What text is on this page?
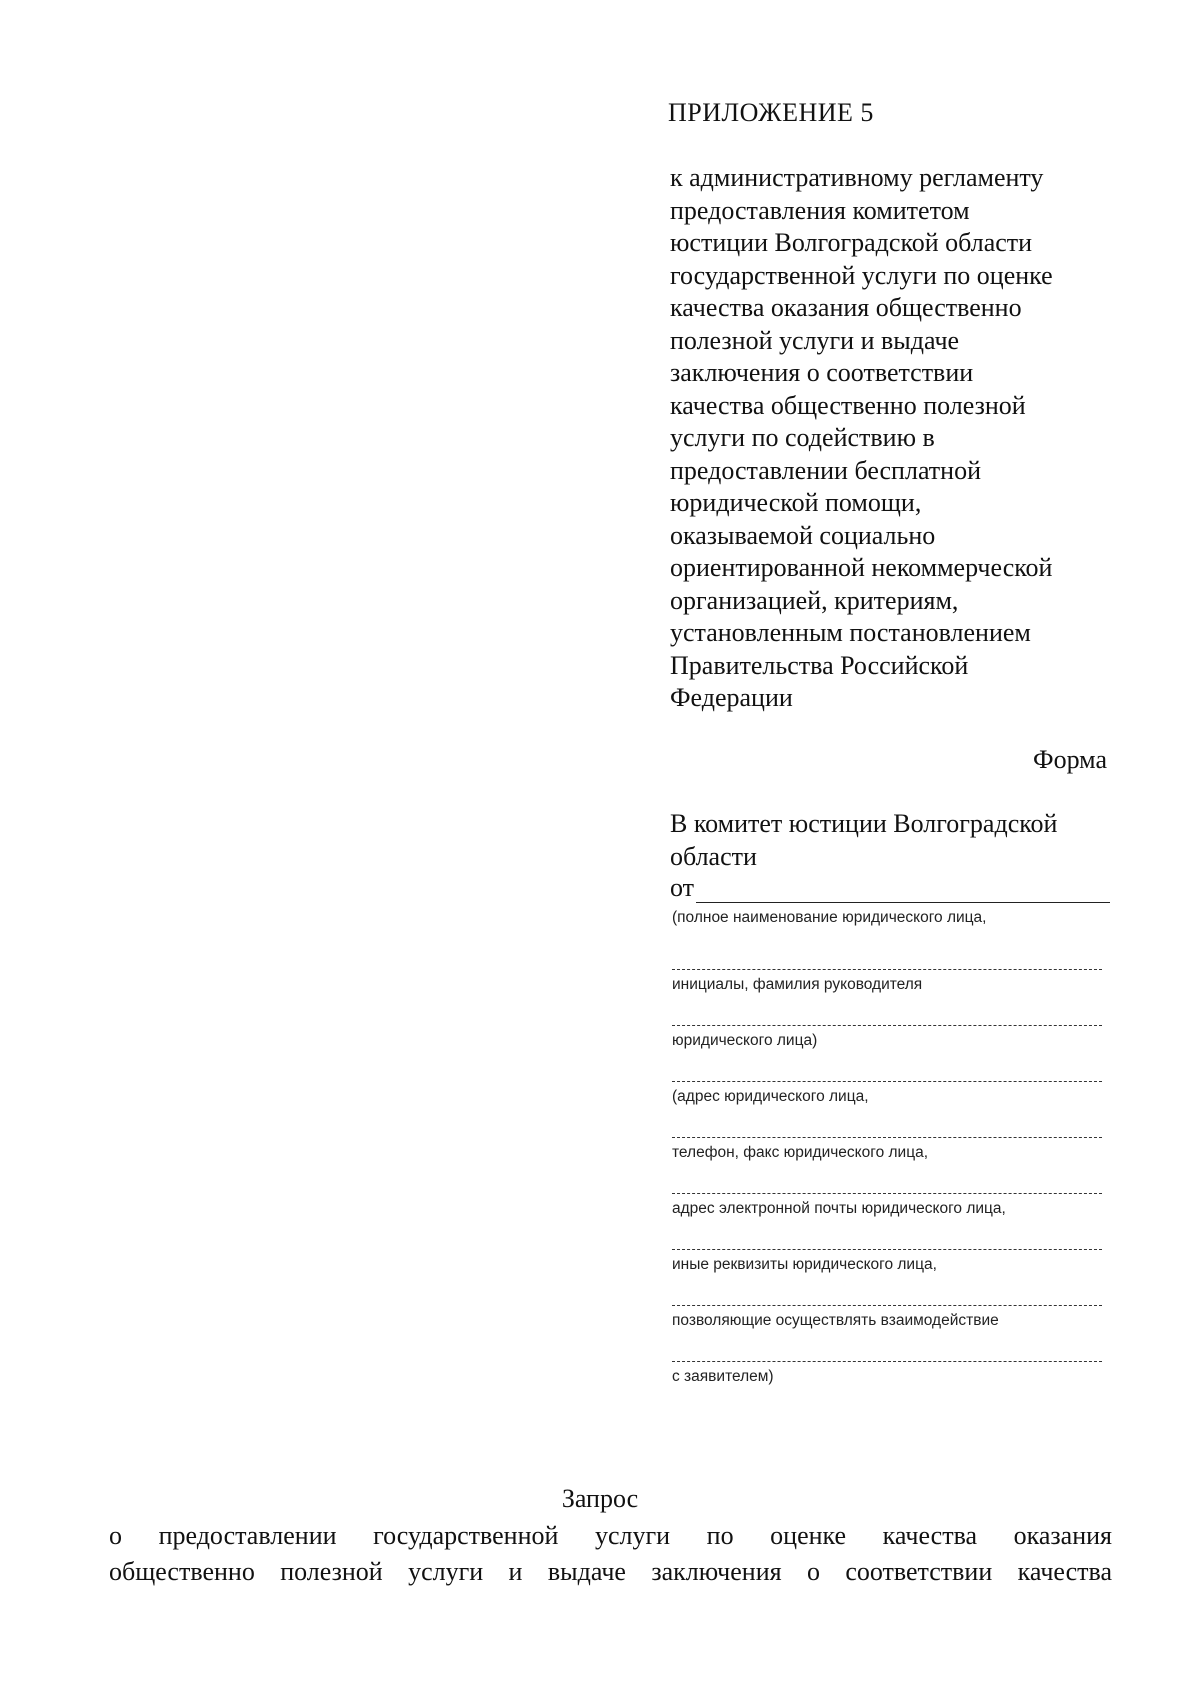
ПРИЛОЖЕНИЕ 5
к административному регламенту
предоставления комитетом
юстиции Волгоградской области
государственной услуги по оценке
качества оказания общественно
полезной услуги и выдаче
заключения о соответствии
качества общественно полезной
услуги по содействию в
предоставлении бесплатной
юридической помощи,
оказываемой социально
ориентированной некоммерческой
организацией, критериям,
установленным постановлением
Правительства Российской
Федерации
Форма
В комитет юстиции Волгоградской
области
от
(полное наименование юридического лица,
инициалы, фамилия руководителя
юридического лица)
(адрес юридического лица,
телефон, факс юридического лица,
адрес электронной почты юридического лица,
иные реквизиты юридического лица,
позволяющие осуществлять взаимодействие
с заявителем)
Запрос
о предоставлении государственной услуги по оценке качества оказания
общественно полезной услуги и выдаче заключения о соответствии качества
